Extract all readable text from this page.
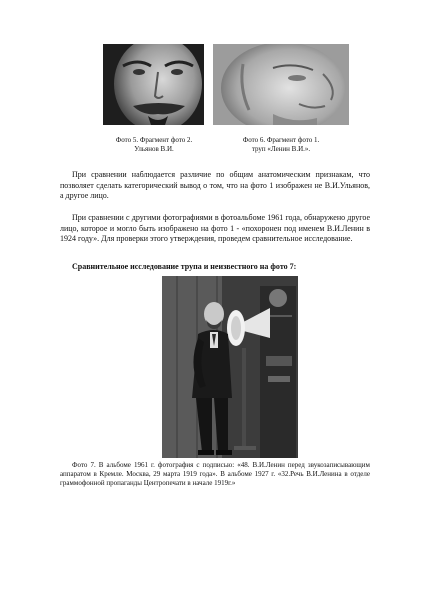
Фото 5. Фрагмент фото 2.
Ульянов В.И.
Фото 6. Фрагмент фото 1.
труп «Ленин В.И.».
При сравнении наблюдается различие по общим анатомическим признакам, что позволяет сделать категорический вывод о том, что на фото 1 изображен не В.И.Ульянов, а другое лицо.
При сравнении с другими фотографиями в фотоальбоме 1961 года, обнаружено другое лицо, которое и могло быть изображено на фото 1 - «похоронен под именем В.И.Ленин в 1924 году». Для проверки этого утверждения, проведем сравнительное исследование.
Сравнительное исследование трупа и неизвестного на фото 7:
Фото 7. В альбоме 1961 г. фотография с подписью: «48. В.И.Ленин перед звукозаписывающим аппаратом в Кремле. Москва, 29 марта 1919 года». В альбоме 1927 г. «32.Речь В.И.Ленина в отделе граммофонной пропаганды Центропечати в начале 1919г.»
